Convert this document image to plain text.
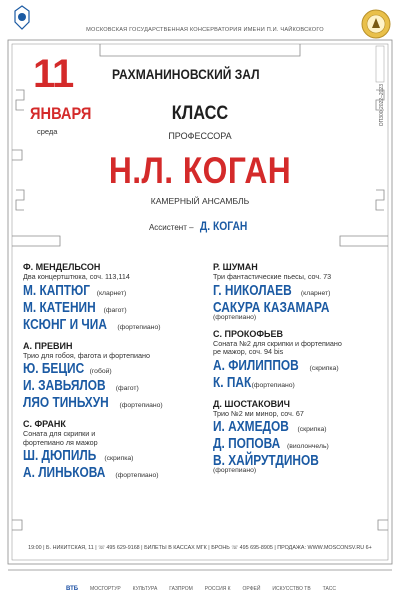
МОСКОВСКАЯ ГОСУДАРСТВЕННАЯ КОНСЕРВАТОРИЯ ИМЕНИ П.И. ЧАЙКОВСКОГО
ОП300 2022–2023
11
ЯНВАРЯ
среда
РАХМАНИНОВСКИЙ ЗАЛ
КЛАСС
ПРОФЕССОРА
Н.Л. КОГАН
КАМЕРНЫЙ АНСАМБЛЬ
Ассистент – Д. КОГАН
Ф. МЕНДЕЛЬСОН
Два концертштюка, соч. 113,114
М. КАПТЮГ (кларнет)
М. КАТЕНИН (фагот)
КСЮНГ И ЧИА (фортепиано)
А. ПРЕВИН
Трио для гобоя, фагота и фортепиано
Ю. БЕЦИС (гобой)
И. ЗАВЬЯЛОВ (фагот)
ЛЯО ТИНЬХУН (фортепиано)
С. ФРАНК
Соната для скрипки и фортепиано ля мажор
Ш. ДЮПИЛЬ (скрипка)
А. ЛИНЬКОВА (фортепиано)
Р. ШУМАН
Три фантастические пьесы, соч. 73
Г. НИКОЛАЕВ (кларнет)
САКУРА КАЗАМАРА
(фортепиано)
С. ПРОКОФЬЕВ
Соната №2 для скрипки и фортепиано ре мажор, соч. 94 bis
А. ФИЛИППОВ (скрипка)
К. ПАК (фортепиано)
Д. ШОСТАКОВИЧ
Трио №2 ми минор, соч. 67
И. АХМЕДОВ (скрипка)
Д. ПОПОВА (виолончель)
В. ХАЙРУТДИНОВ
(фортепиано)
19:00 | Б. НИКИТСКАЯ, 11 | ☏ 495 629-9168 | БИЛЕТЫ В КАССАХ МГК | БРОНЬ ☏ 495 695-8905 | ПРОДАЖА: WWW.MOSCONSV.RU 6+
ВТБ МОСГОРТУР КУЛЬТУРА ГАЗПРОМ РОССИЯ К ОРФЕЙ ИСКУССТВО ТВ ТАСС
